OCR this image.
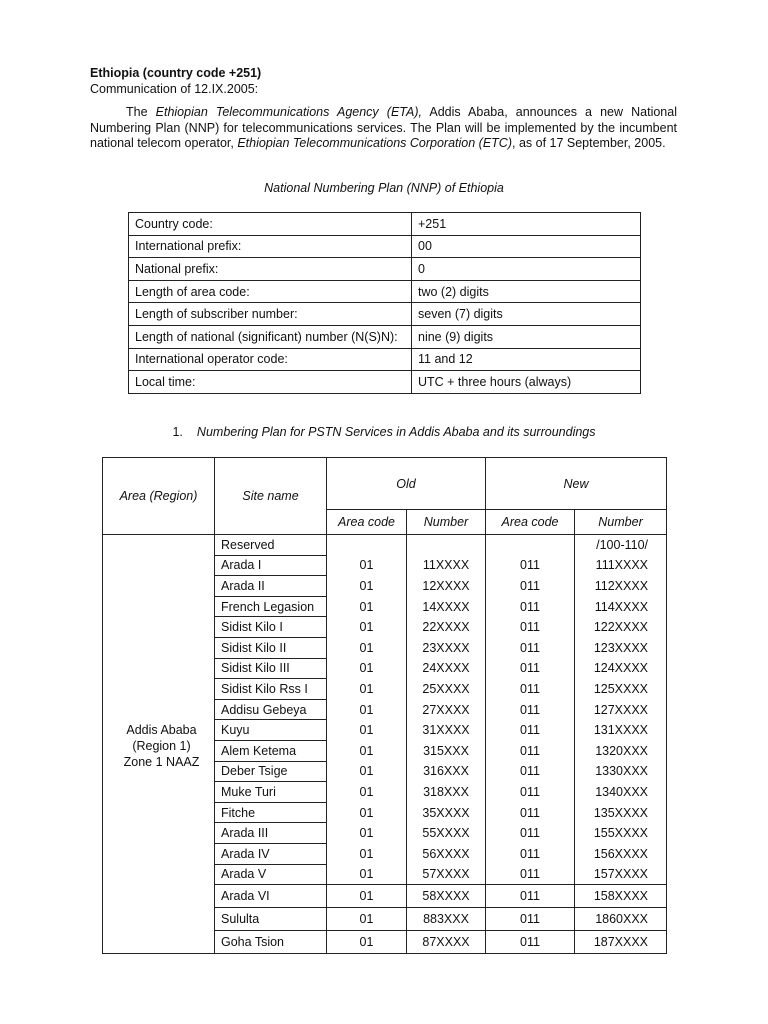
Ethiopia (country code +251)
Communication of 12.IX.2005:
The Ethiopian Telecommunications Agency (ETA), Addis Ababa, announces a new National Numbering Plan (NNP) for telecommunications services. The Plan will be implemented by the incumbent national telecom operator, Ethiopian Telecommunications Corporation (ETC), as of 17 September, 2005.
National Numbering Plan (NNP) of Ethiopia
Country code:	+251
International prefix:	00
National prefix:	0
Length of area code:	two (2) digits
Length of subscriber number:	seven (7) digits
Length of national (significant) number (N(S)N):	nine (9) digits
International operator code:	11 and 12
Local time:	UTC + three hours (always)
1. Numbering Plan for PSTN Services in Addis Ababa and its surroundings
Area (Region)	Site name	Old		New	
		Area code	Number	Area code	Number

Addis Ababa
(Region 1)
Zone 1 NAAZ	Reserved				/100-110/
	Arada I	01	11XXXX	011	111XXXX
	Arada II	01	12XXXX	011	112XXXX
	French Legasion	01	14XXXX	011	114XXXX
	Sidist Kilo I	01	22XXXX	011	122XXXX
	Sidist Kilo II	01	23XXXX	011	123XXXX
	Sidist Kilo III	01	24XXXX	011	124XXXX
	Sidist Kilo Rss I	01	25XXXX	011	125XXXX
	Addisu Gebeya	01	27XXXX	011	127XXXX
	Kuyu	01	31XXXX	011	131XXXX
	Alem Ketema	01	315XXX	011	1320XXX
	Deber Tsige	01	316XXX	011	1330XXX
	Muke Turi	01	318XXX	011	1340XXX
	Fitche	01	35XXXX	011	135XXXX
	Arada III	01	55XXXX	011	155XXXX
	Arada IV	01	56XXXX	011	156XXXX
	Arada V	01	57XXXX	011	157XXXX
	Arada VI	01	58XXXX	011	158XXXX
	Sululta	01	883XXX	011	1860XXX
	Goha Tsion	01	87XXXX	011	187XXXX
